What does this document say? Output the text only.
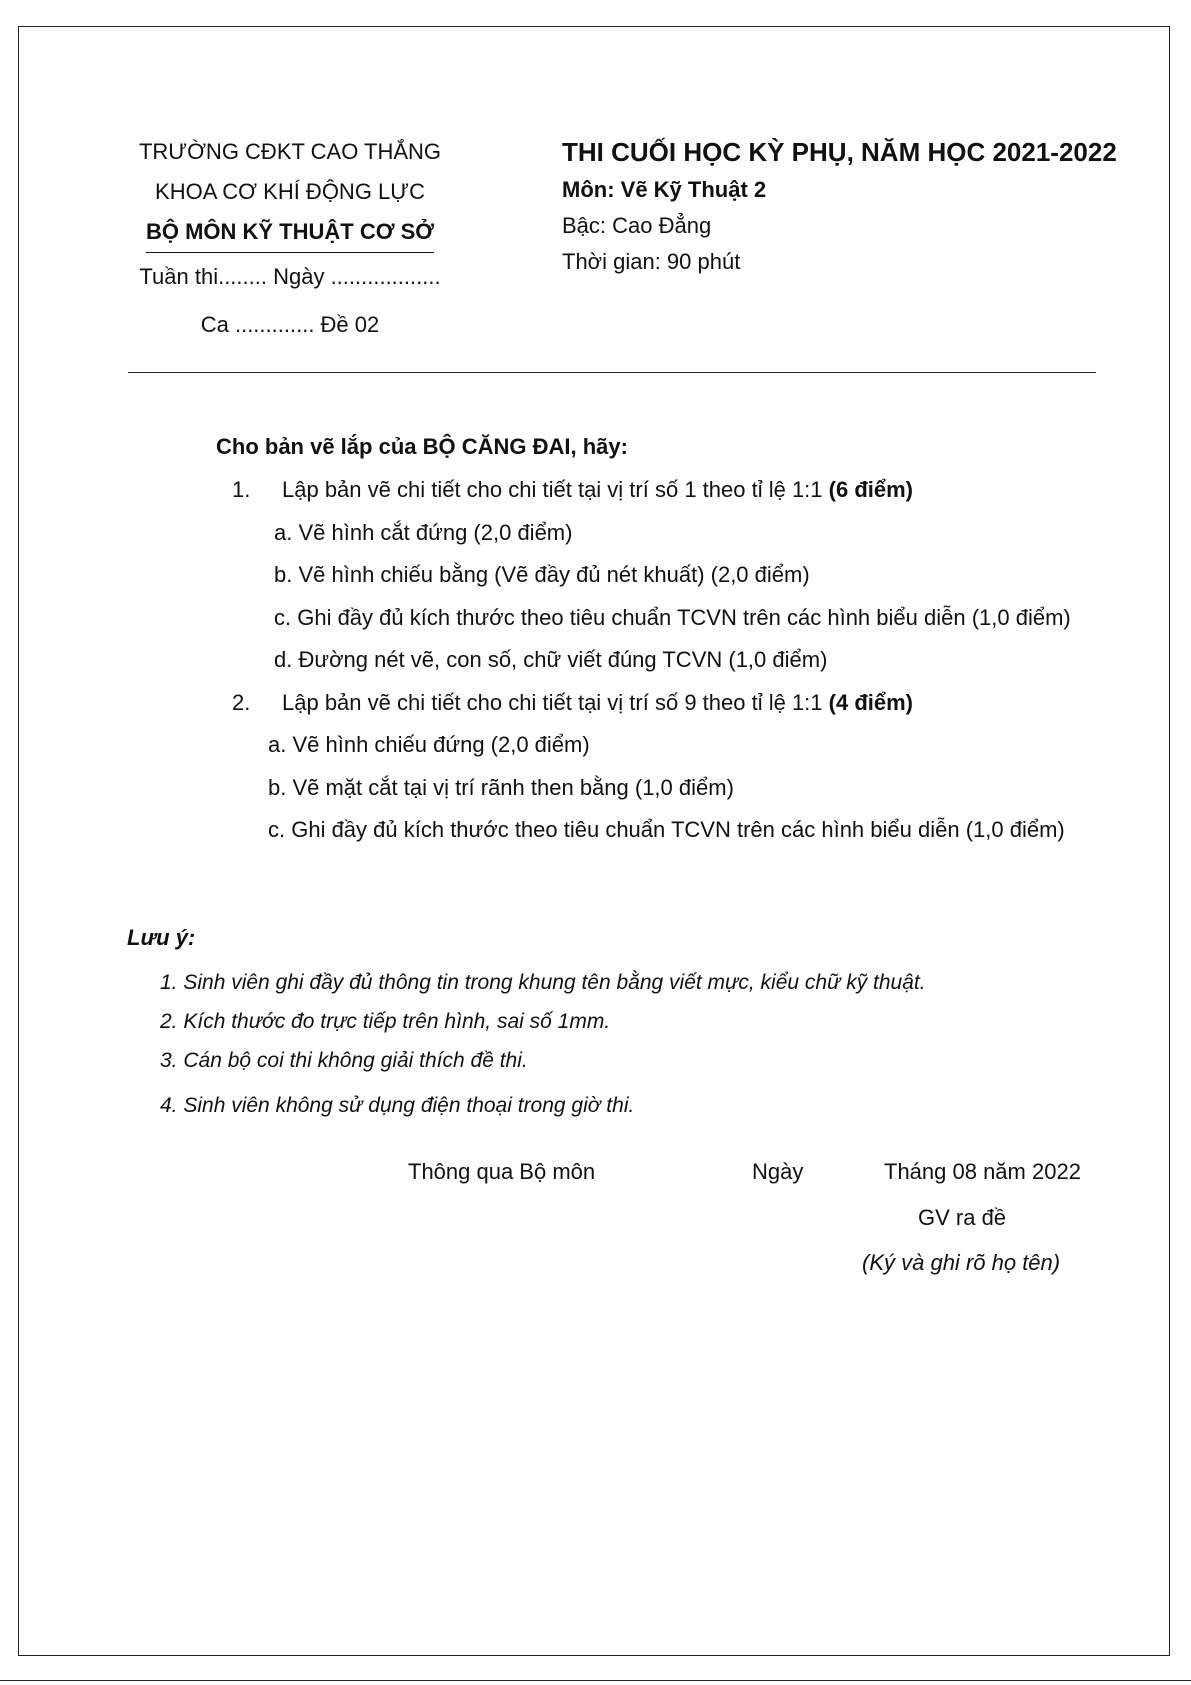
TRƯỜNG CĐKT CAO THẮNG
KHOA CƠ KHÍ ĐỘNG LỰC
BỘ MÔN KỸ THUẬT CƠ SỞ
Tuần thi........ Ngày ..................
Ca ............. Đề 02
THI CUỐI HỌC KỲ PHỤ, NĂM HỌC 2021-2022
Môn: Vẽ Kỹ Thuật 2
Bậc: Cao Đẳng
Thời gian: 90 phút
Cho bản vẽ lắp của BỘ CĂNG ĐAI, hãy:
1. Lập bản vẽ chi tiết cho chi tiết tại vị trí số 1 theo tỉ lệ 1:1 (6 điểm)
a. Vẽ hình cắt đứng (2,0 điểm)
b. Vẽ hình chiếu bằng (Vẽ đầy đủ nét khuất) (2,0 điểm)
c. Ghi đầy đủ kích thước theo tiêu chuẩn TCVN trên các hình biểu diễn (1,0 điểm)
d. Đường nét vẽ, con số, chữ viết đúng TCVN (1,0 điểm)
2. Lập bản vẽ chi tiết cho chi tiết tại vị trí số 9 theo tỉ lệ 1:1 (4 điểm)
a. Vẽ hình chiếu đứng (2,0 điểm)
b. Vẽ mặt cắt tại vị trí rãnh then bằng (1,0 điểm)
c. Ghi đầy đủ kích thước theo tiêu chuẩn TCVN trên các hình biểu diễn (1,0 điểm)
Lưu ý:
1. Sinh viên ghi đầy đủ thông tin trong khung tên bằng viết mực, kiểu chữ kỹ thuật.
2. Kích thước đo trực tiếp trên hình, sai số 1mm.
3. Cán bộ coi thi không giải thích đề thi.
4. Sinh viên không sử dụng điện thoại trong giờ thi.
Thông qua Bộ môn	Ngày	Tháng 08 năm 2022
GV ra đề
(Ký và ghi rõ họ tên)
